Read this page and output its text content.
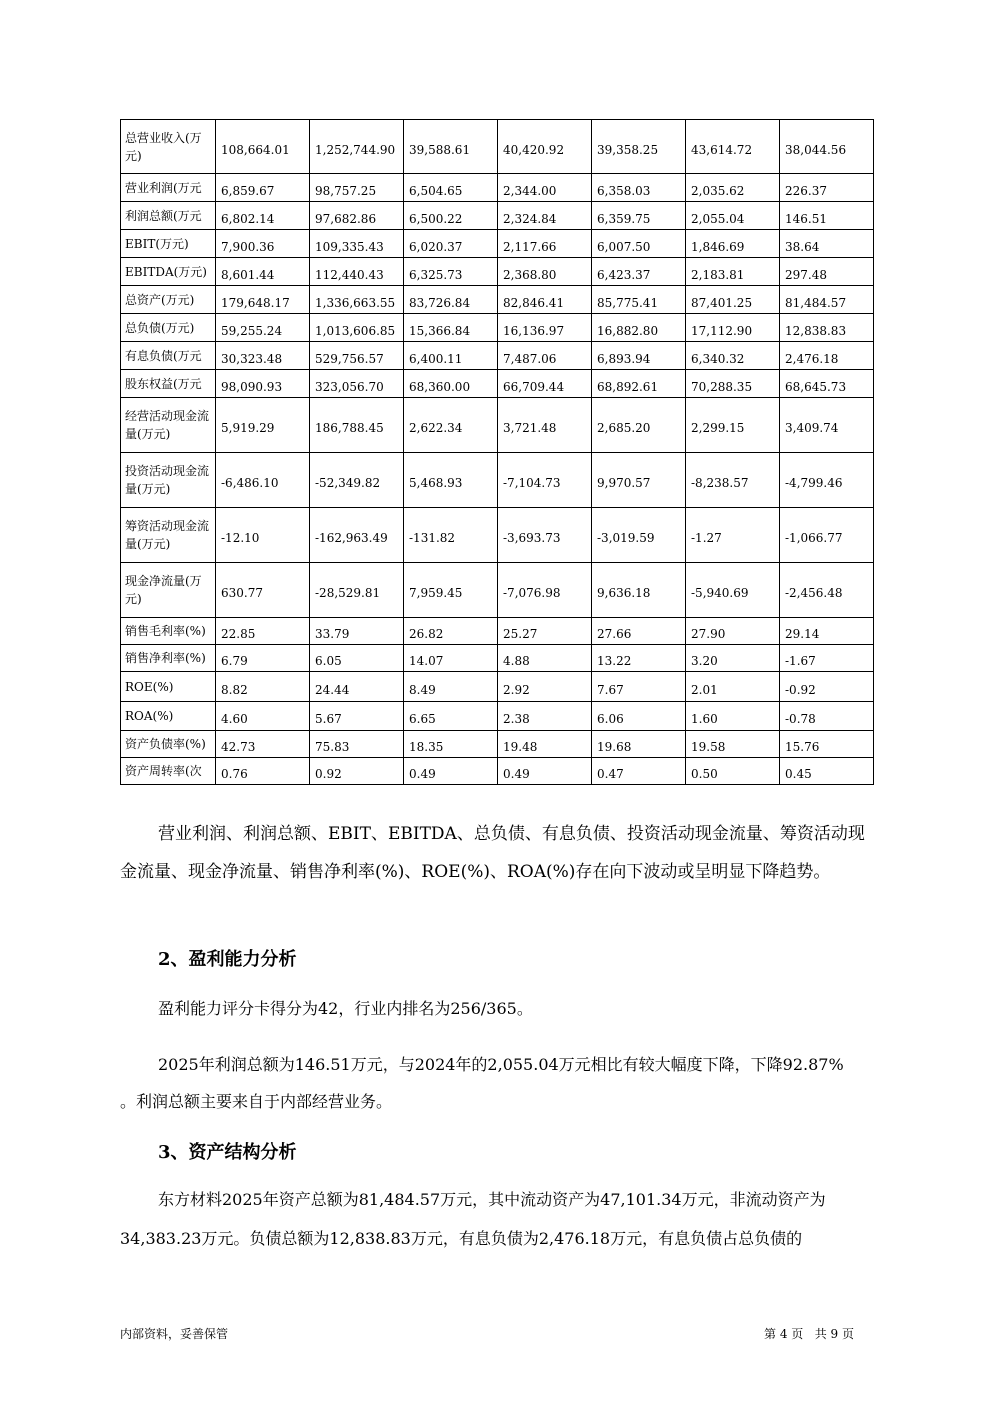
总营业收入(万元)	108,664.01	1,252,744.90	39,588.61	40,420.92	39,358.25	43,614.72	38,044.56
营业利润(万元	6,859.67	98,757.25	6,504.65	2,344.00	6,358.03	2,035.62	226.37
利润总额(万元	6,802.14	97,682.86	6,500.22	2,324.84	6,359.75	2,055.04	146.51
EBIT(万元)	7,900.36	109,335.43	6,020.37	2,117.66	6,007.50	1,846.69	38.64
EBITDA(万元)	8,601.44	112,440.43	6,325.73	2,368.80	6,423.37	2,183.81	297.48
总资产(万元)	179,648.17	1,336,663.55	83,726.84	82,846.41	85,775.41	87,401.25	81,484.57
总负债(万元)	59,255.24	1,013,606.85	15,366.84	16,136.97	16,882.80	17,112.90	12,838.83
有息负债(万元	30,323.48	529,756.57	6,400.11	7,487.06	6,893.94	6,340.32	2,476.18
股东权益(万元	98,090.93	323,056.70	68,360.00	66,709.44	68,892.61	70,288.35	68,645.73
经营活动现金流量(万元)	5,919.29	186,788.45	2,622.34	3,721.48	2,685.20	2,299.15	3,409.74
投资活动现金流量(万元)	-6,486.10	-52,349.82	5,468.93	-7,104.73	9,970.57	-8,238.57	-4,799.46
筹资活动现金流量(万元)	-12.10	-162,963.49	-131.82	-3,693.73	-3,019.59	-1.27	-1,066.77
现金净流量(万元)	630.77	-28,529.81	7,959.45	-7,076.98	9,636.18	-5,940.69	-2,456.48
销售毛利率(%)	22.85	33.79	26.82	25.27	27.66	27.90	29.14
销售净利率(%)	6.79	6.05	14.07	4.88	13.22	3.20	-1.67
ROE(%)	8.82	24.44	8.49	2.92	7.67	2.01	-0.92
ROA(%)	4.60	5.67	6.65	2.38	6.06	1.60	-0.78
资产负债率(%)	42.73	75.83	18.35	19.48	19.68	19.58	15.76
资产周转率(次	0.76	0.92	0.49	0.49	0.47	0.50	0.45

营业利润、利润总额、EBIT、EBITDA、总负债、有息负债、投资活动现金流量、筹资活动现金流量、现金净流量、销售净利率(%)、ROE(%)、ROA(%)存在向下波动或呈明显下降趋势。

2、盈利能力分析

盈利能力评分卡得分为42，行业内排名为256/365。

2025年利润总额为146.51万元，与2024年的2,055.04万元相比有较大幅度下降，下降92.87%

。利润总额主要来自于内部经营业务。

3、资产结构分析

东方材料2025年资产总额为81,484.57万元，其中流动资产为47,101.34万元，非流动资产为

34,383.23万元。负债总额为12,838.83万元，有息负债为2,476.18万元，有息负债占总负债的

内部资料，妥善保管	第 4 页   共 9 页
